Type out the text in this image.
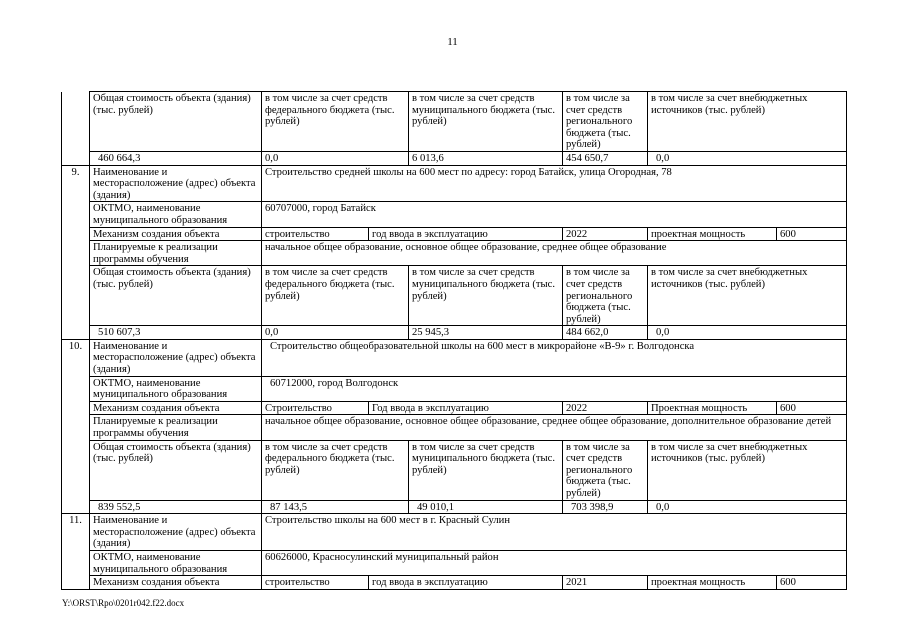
11
	Общая стоимость объекта (здания) (тыс. рублей)	в том числе за счет средств федерального бюджета (тыс. рублей)		в том числе за счет средств муниципального бюджета (тыс. рублей)	в том числе за счет средств регионального бюджета (тыс. рублей)	в том числе за счет внебюджетных источников (тыс. рублей)	
	460 664,3	0,0		6 013,6	454 650,7	0,0	
9.	Наименование и месторасположение (адрес) объекта (здания)	Строительство средней школы на 600 мест по адресу: город Батайск, улица Огородная, 78					
	ОКТМО, наименование муниципального образования	60707000, город Батайск					
	Механизм создания объекта	строительство	год ввода в эксплуатацию		2022	проектная мощность	600
	Планируемые к реализации программы обучения	начальное общее образование, основное общее образование, среднее общее образование					
	Общая стоимость объекта (здания) (тыс. рублей)	в том числе за счет средств федерального бюджета (тыс. рублей)		в том числе за счет средств муниципального бюджета (тыс. рублей)	в том числе за счет средств регионального бюджета (тыс. рублей)	в том числе за счет внебюджетных источников (тыс. рублей)	
	510 607,3	0,0		25 945,3	484 662,0	0,0	
10.	Наименование и месторасположение (адрес) объекта (здания)	Строительство общеобразовательной школы на 600 мест в микрорайоне «В-9» г. Волгодонска					
	ОКТМО, наименование муниципального образования	60712000, город Волгодонск					
	Механизм создания объекта	Строительство	Год ввода в эксплуатацию		2022	Проектная мощность	600
	Планируемые к реализации программы обучения	начальное общее образование, основное общее образование, среднее общее образование, дополнительное образование детей					
	Общая стоимость объекта (здания) (тыс. рублей)	в том числе за счет средств федерального бюджета (тыс. рублей)		в том числе за счет средств муниципального бюджета (тыс. рублей)	в том числе за счет средств регионального бюджета (тыс. рублей)	в том числе за счет внебюджетных источников (тыс. рублей)	
	839 552,5	87 143,5		49 010,1	703 398,9	0,0	
11.	Наименование и месторасположение (адрес) объекта (здания)	Строительство школы на 600 мест в г. Красный Сулин					
	ОКТМО, наименование муниципального образования	60626000, Красносулинский муниципальный район					
	Механизм создания объекта	строительство	год ввода в эксплуатацию		2021	проектная мощность	600
Y:\ORST\Rpo\0201r042.f22.docx
